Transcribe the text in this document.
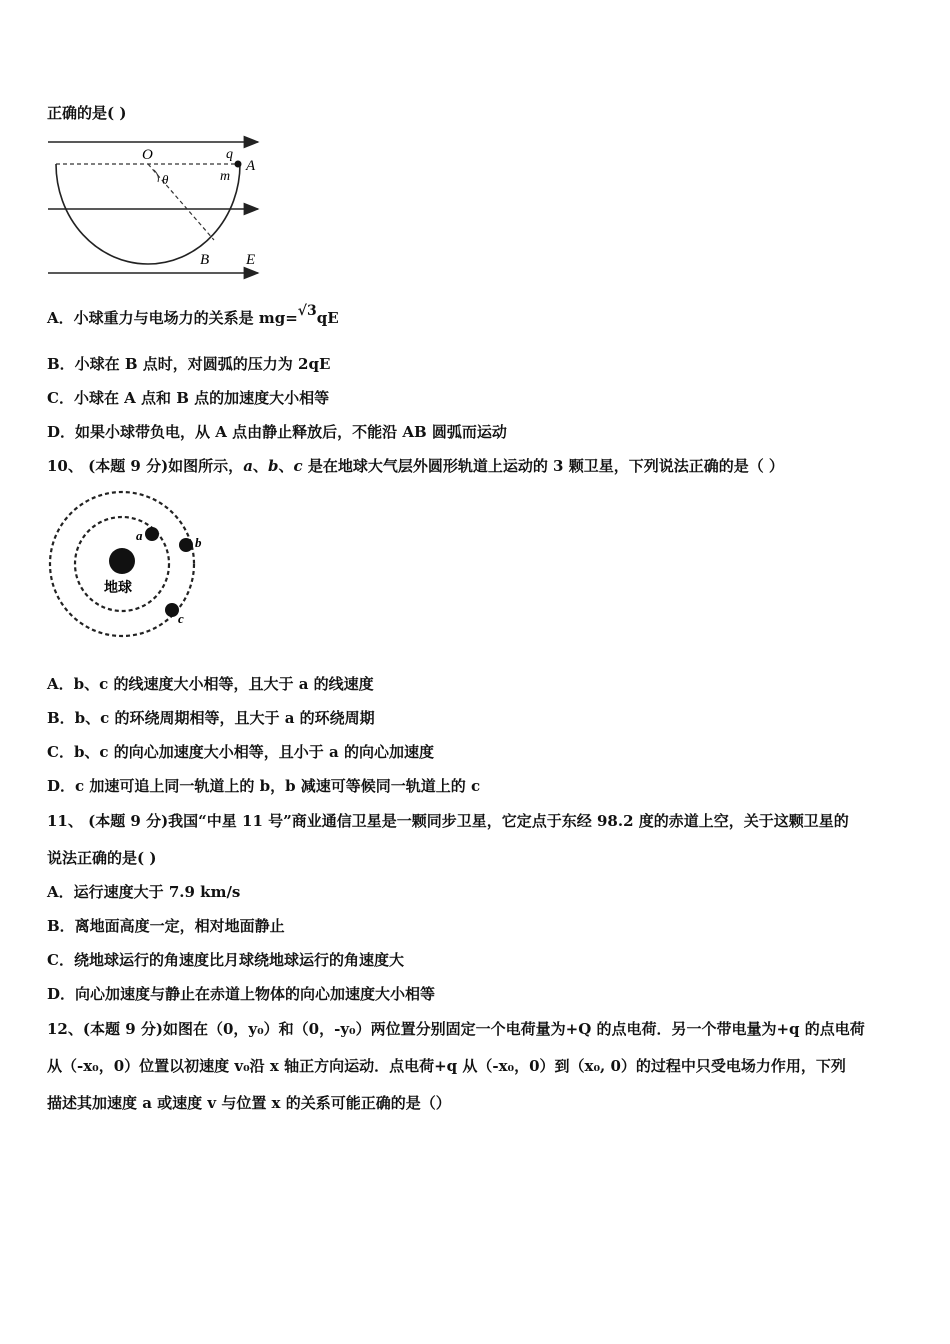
正确的是( )
O	q
A
m
θ
B E
A．小球重力与电场力的关系是 mg=√3qE
B．小球在 B 点时，对圆弧的压力为 2qE
C．小球在 A 点和 B 点的加速度大小相等
D．如果小球带负电，从 A 点由静止释放后，不能沿 AB 圆弧而运动
10、 (本题 9 分)如图所示，a、b、c 是在地球大气层外圆形轨道上运动的 3 颗卫星，下列说法正确的是（ ）
地球
a	b
c
A．b、c 的线速度大小相等，且大于 a 的线速度
B．b、c 的环绕周期相等，且大于 a 的环绕周期
C．b、c 的向心加速度大小相等，且小于 a 的向心加速度
D．c 加速可追上同一轨道上的 b，b 减速可等候同一轨道上的 c
11、 (本题 9 分)我国“中星 11 号”商业通信卫星是一颗同步卫星，它定点于东经 98.2 度的赤道上空，关于这颗卫星的
说法正确的是( )
A．运行速度大于 7.9 km/s
B．离地面高度一定，相对地面静止
C．绕地球运行的角速度比月球绕地球运行的角速度大
D．向心加速度与静止在赤道上物体的向心加速度大小相等
12、(本题 9 分)如图在（0，y₀）和（0，-y₀）两位置分别固定一个电荷量为+Q 的点电荷．另一个带电量为+q 的点电荷
从（-x₀，0）位置以初速度 v₀沿 x 轴正方向运动．点电荷+q 从（-x₀，0）到（x₀, 0）的过程中只受电场力作用，下列
描述其加速度 a 或速度 v 与位置 x 的关系可能正确的是（）
